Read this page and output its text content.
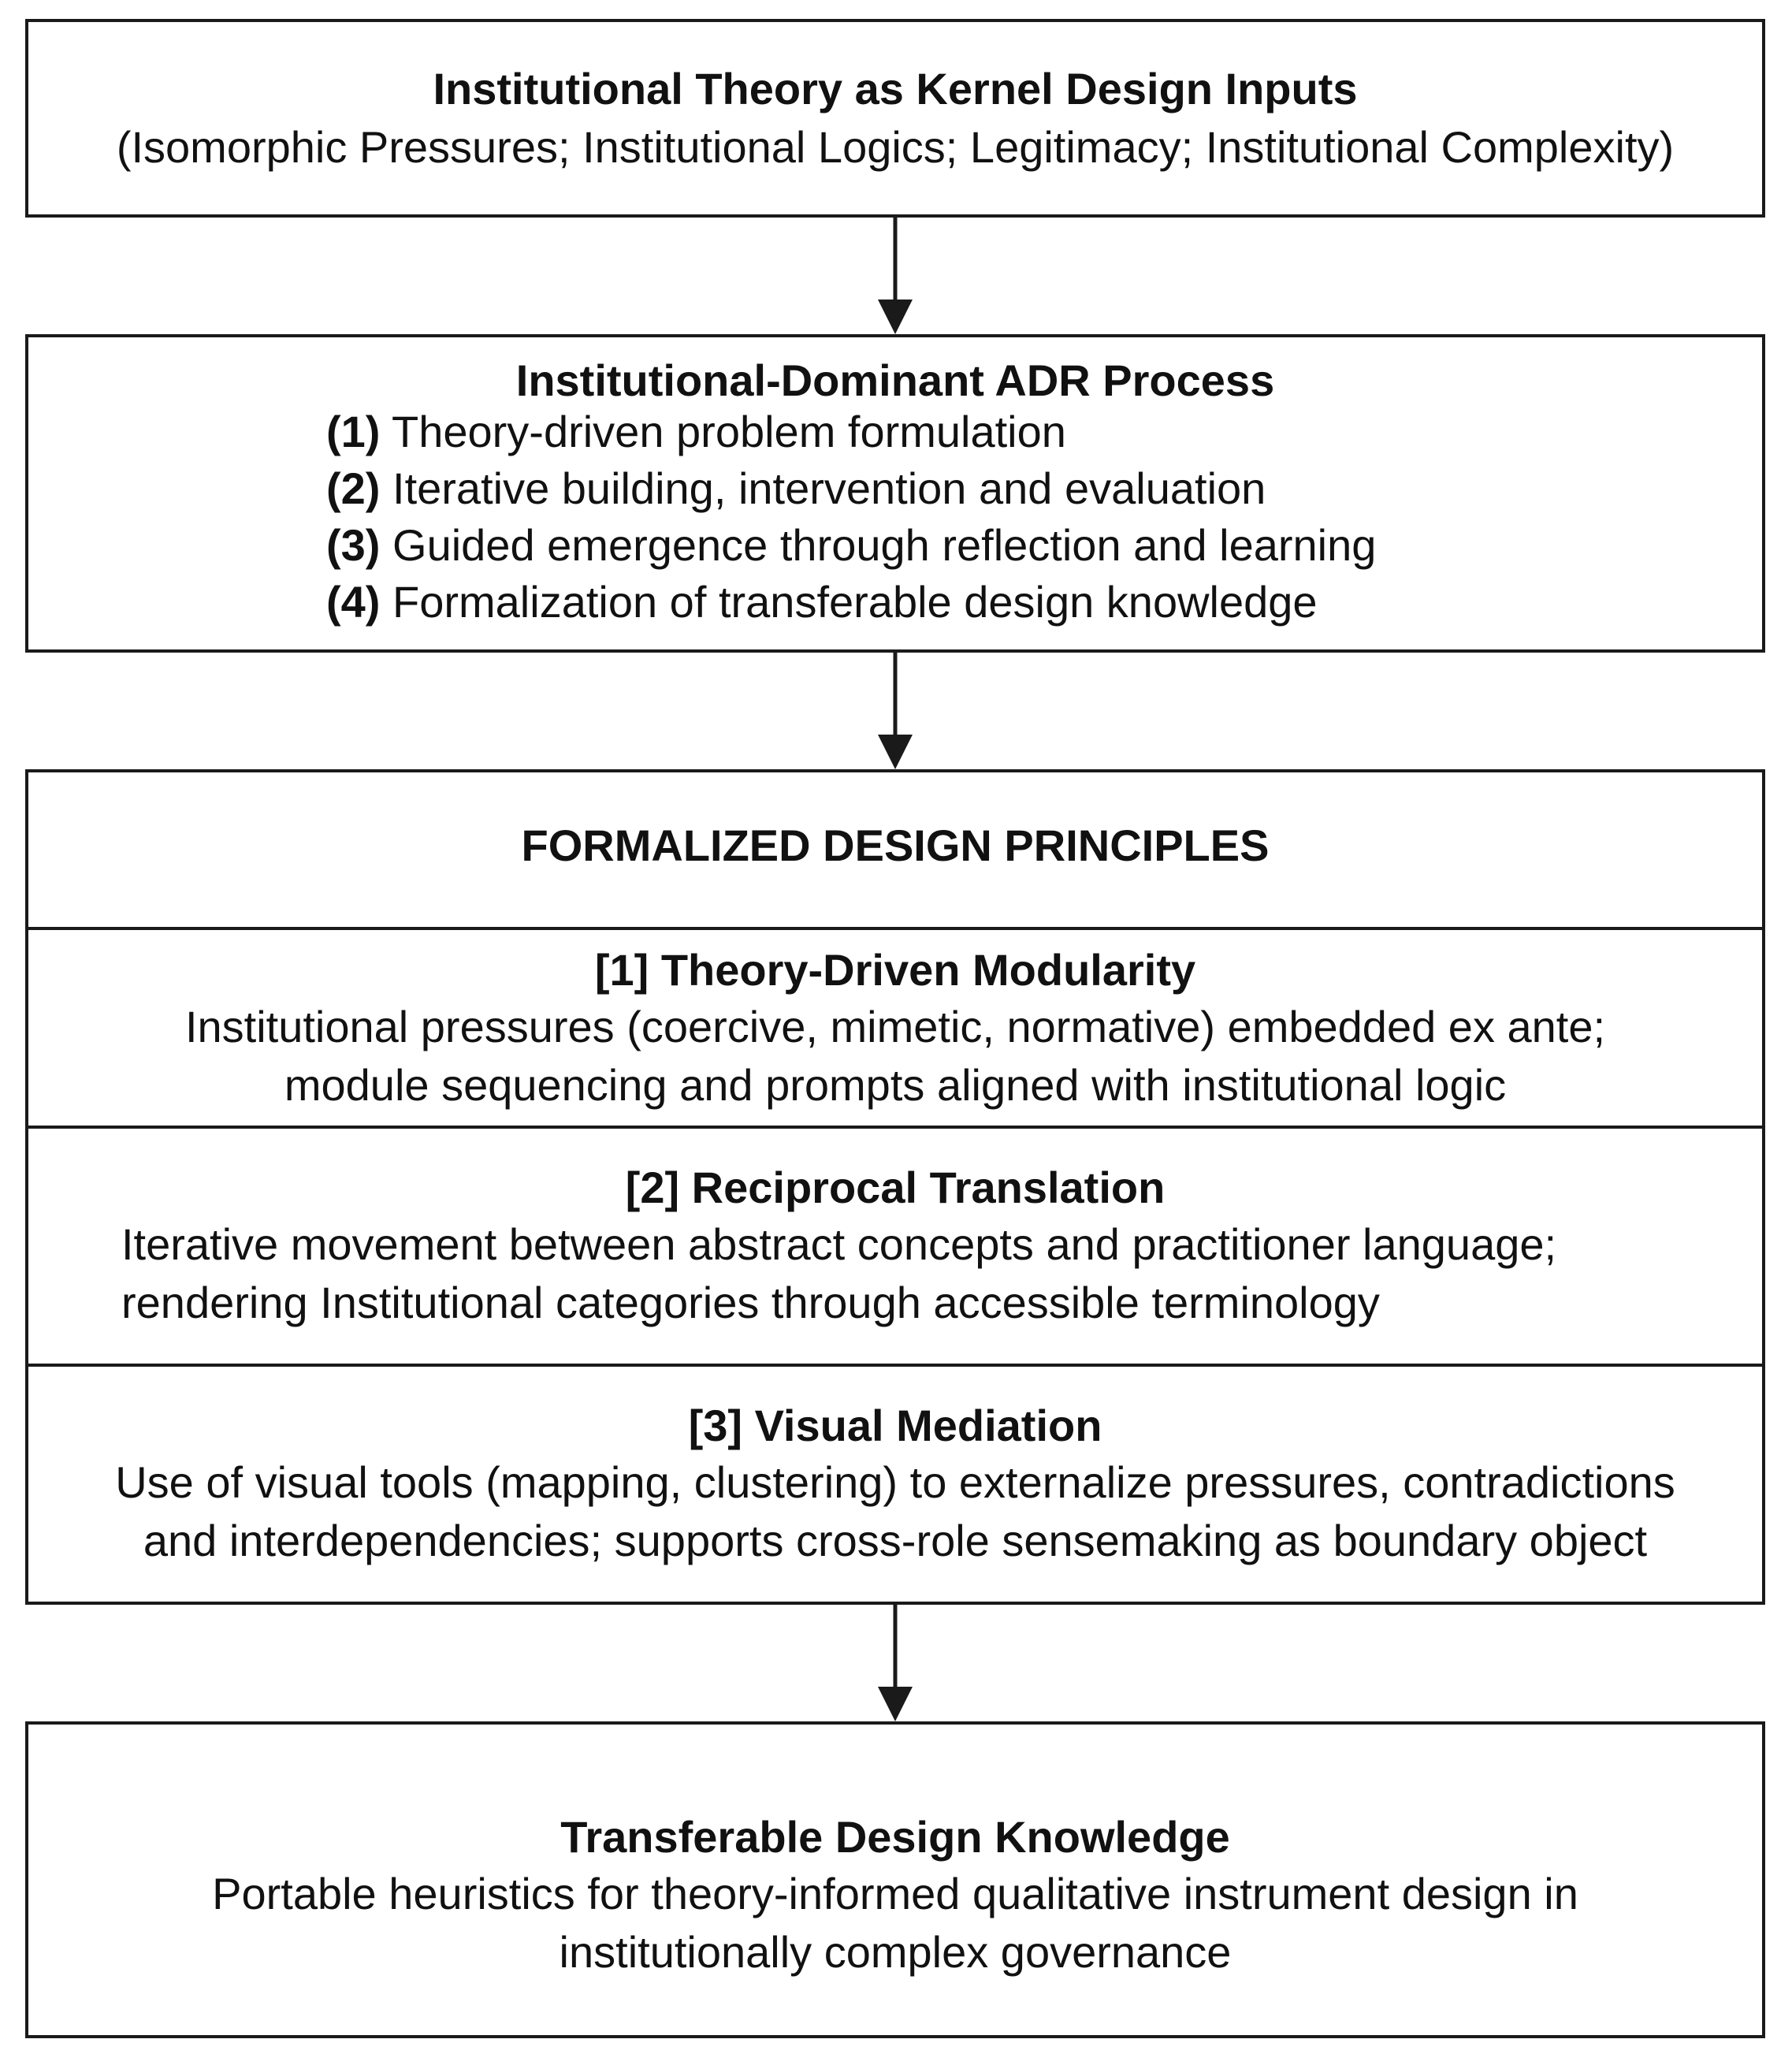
Institutional Theory as Kernel Design Inputs
(Isomorphic Pressures; Institutional Logics; Legitimacy; Institutional Complexity)
Institutional-Dominant ADR Process
(1) Theory-driven problem formulation
(2) Iterative building, intervention and evaluation
(3) Guided emergence through reflection and learning
(4) Formalization of transferable design knowledge
FORMALIZED DESIGN PRINCIPLES
[1] Theory-Driven Modularity
Institutional pressures (coercive, mimetic, normative) embedded ex ante;
module sequencing and prompts aligned with institutional logic
[2] Reciprocal Translation
Iterative movement between abstract concepts and practitioner language;
rendering Institutional categories through accessible terminology
[3] Visual Mediation
Use of visual tools (mapping, clustering) to externalize pressures, contradictions
and interdependencies; supports cross-role sensemaking as boundary object
Transferable Design Knowledge
Portable heuristics for theory-informed qualitative instrument design in
institutionally complex governance
